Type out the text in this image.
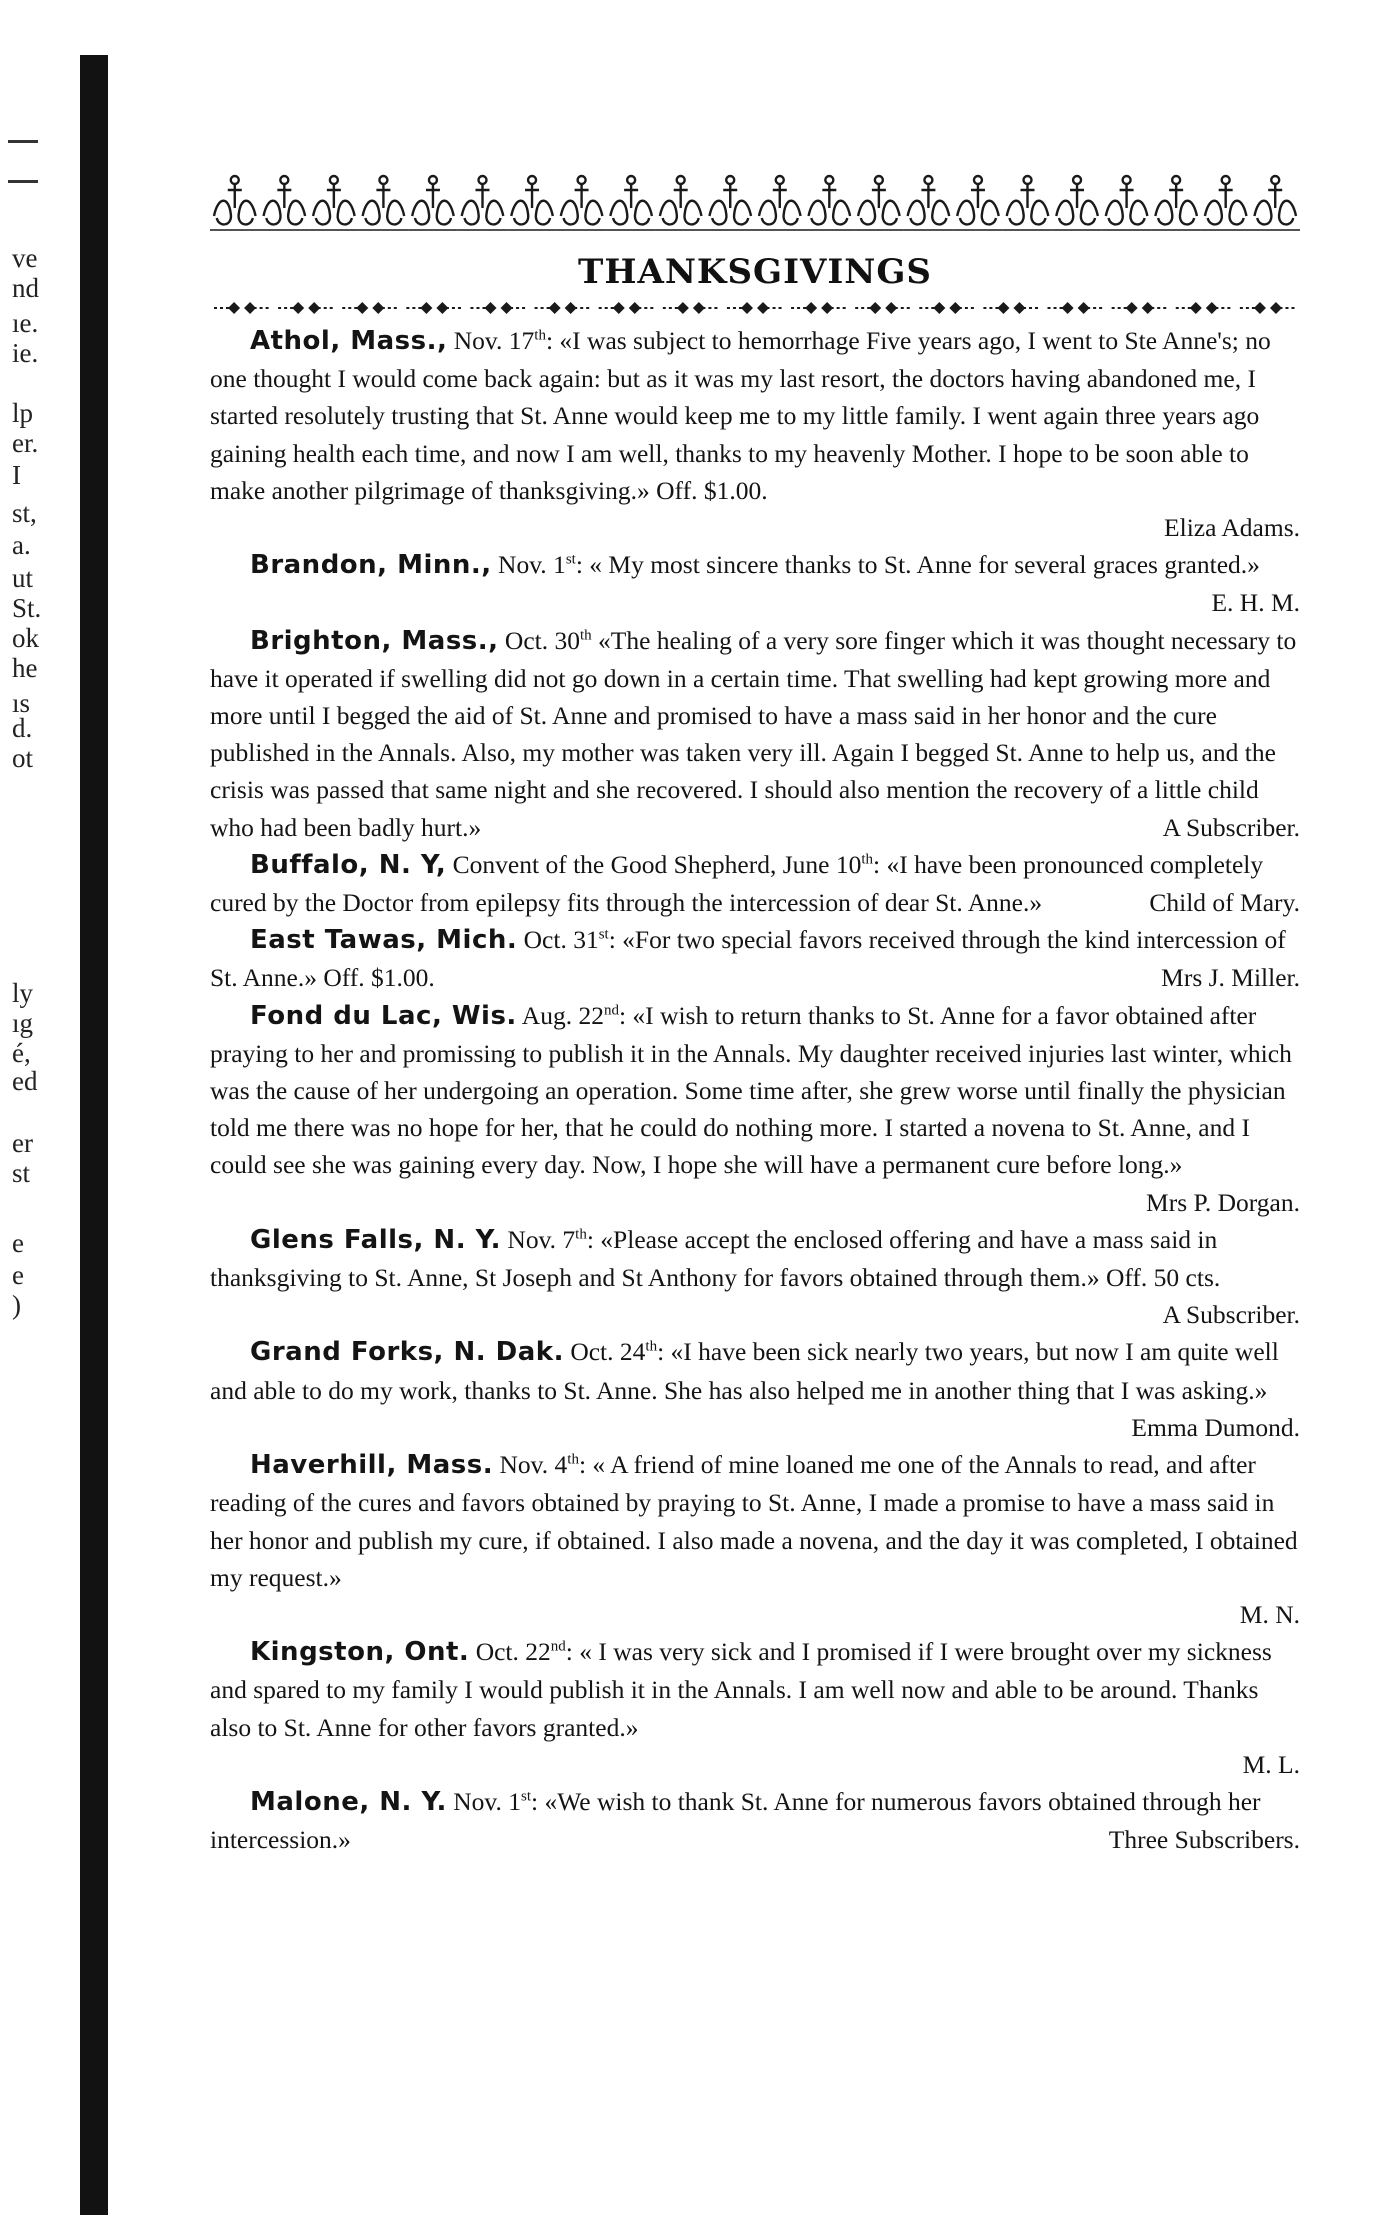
ve
nd
ıe.
ie.
lp
er.
I
st,
a.
ut
St.
ok
he
ıs
d.
ot
ly
ıg
é,
ed
er
st
e
e
)
THANKSGIVINGS

Athol, Mass., Nov. 17th: «I was subject to hemorrhage Five years ago, I went to Ste Anne's; no one thought I would come back again: but as it was my last resort, the doctors having abandoned me, I started resolutely trusting that St. Anne would keep me to my little family. I went again three years ago gaining health each time, and now I am well, thanks to my heavenly Mother. I hope to be soon able to make another pilgrimage of thanksgiving.» Off. $1.00.
Eliza Adams.

Brandon, Minn., Nov. 1st: « My most sincere thanks to St. Anne for several graces granted.»
E. H. M.

Brighton, Mass., Oct. 30th «The healing of a very sore finger which it was thought necessary to have it operated if swelling did not go down in a certain time. That swelling had kept growing more and more until I begged the aid of St. Anne and promised to have a mass said in her honor and the cure published in the Annals. Also, my mother was taken very ill. Again I begged St. Anne to help us, and the crisis was passed that same night and she recovered. I should also mention the recovery of a little child who had been badly hurt.»	A Subscriber.

Buffalo, N. Y, Convent of the Good Shepherd, June 10th: «I have been pronounced completely cured by the Doctor from epilepsy fits through the intercession of dear St. Anne.»	Child of Mary.

East Tawas, Mich. Oct. 31st: «For two special favors received through the kind intercession of St. Anne.» Off. $1.00.	Mrs J. Miller.

Fond du Lac, Wis. Aug. 22nd: «I wish to return thanks to St. Anne for a favor obtained after praying to her and promissing to publish it in the Annals. My daughter received injuries last winter, which was the cause of her undergoing an operation. Some time after, she grew worse until finally the physician told me there was no hope for her, that he could do nothing more. I started a novena to St. Anne, and I could see she was gaining every day. Now, I hope she will have a permanent cure before long.»
Mrs P. Dorgan.

Glens Falls, N. Y. Nov. 7th: «Please accept the enclosed offering and have a mass said in thanksgiving to St. Anne, St Joseph and St Anthony for favors obtained through them.» Off. 50 cts.
A Subscriber.

Grand Forks, N. Dak. Oct. 24th: «I have been sick nearly two years, but now I am quite well and able to do my work, thanks to St. Anne. She has also helped me in another thing that I was asking.»
Emma Dumond.

Haverhill, Mass. Nov. 4th: « A friend of mine loaned me one of the Annals to read, and after reading of the cures and favors obtained by praying to St. Anne, I made a promise to have a mass said in her honor and publish my cure, if obtained. I also made a novena, and the day it was completed, I obtained my request.»
M. N.

Kingston, Ont. Oct. 22nd: « I was very sick and I promised if I were brought over my sickness and spared to my family I would publish it in the Annals. I am well now and able to be around. Thanks also to St. Anne for other favors granted.»
M. L.

Malone, N. Y. Nov. 1st: «We wish to thank St. Anne for numerous favors obtained through her intercession.»	Three Subscribers.
